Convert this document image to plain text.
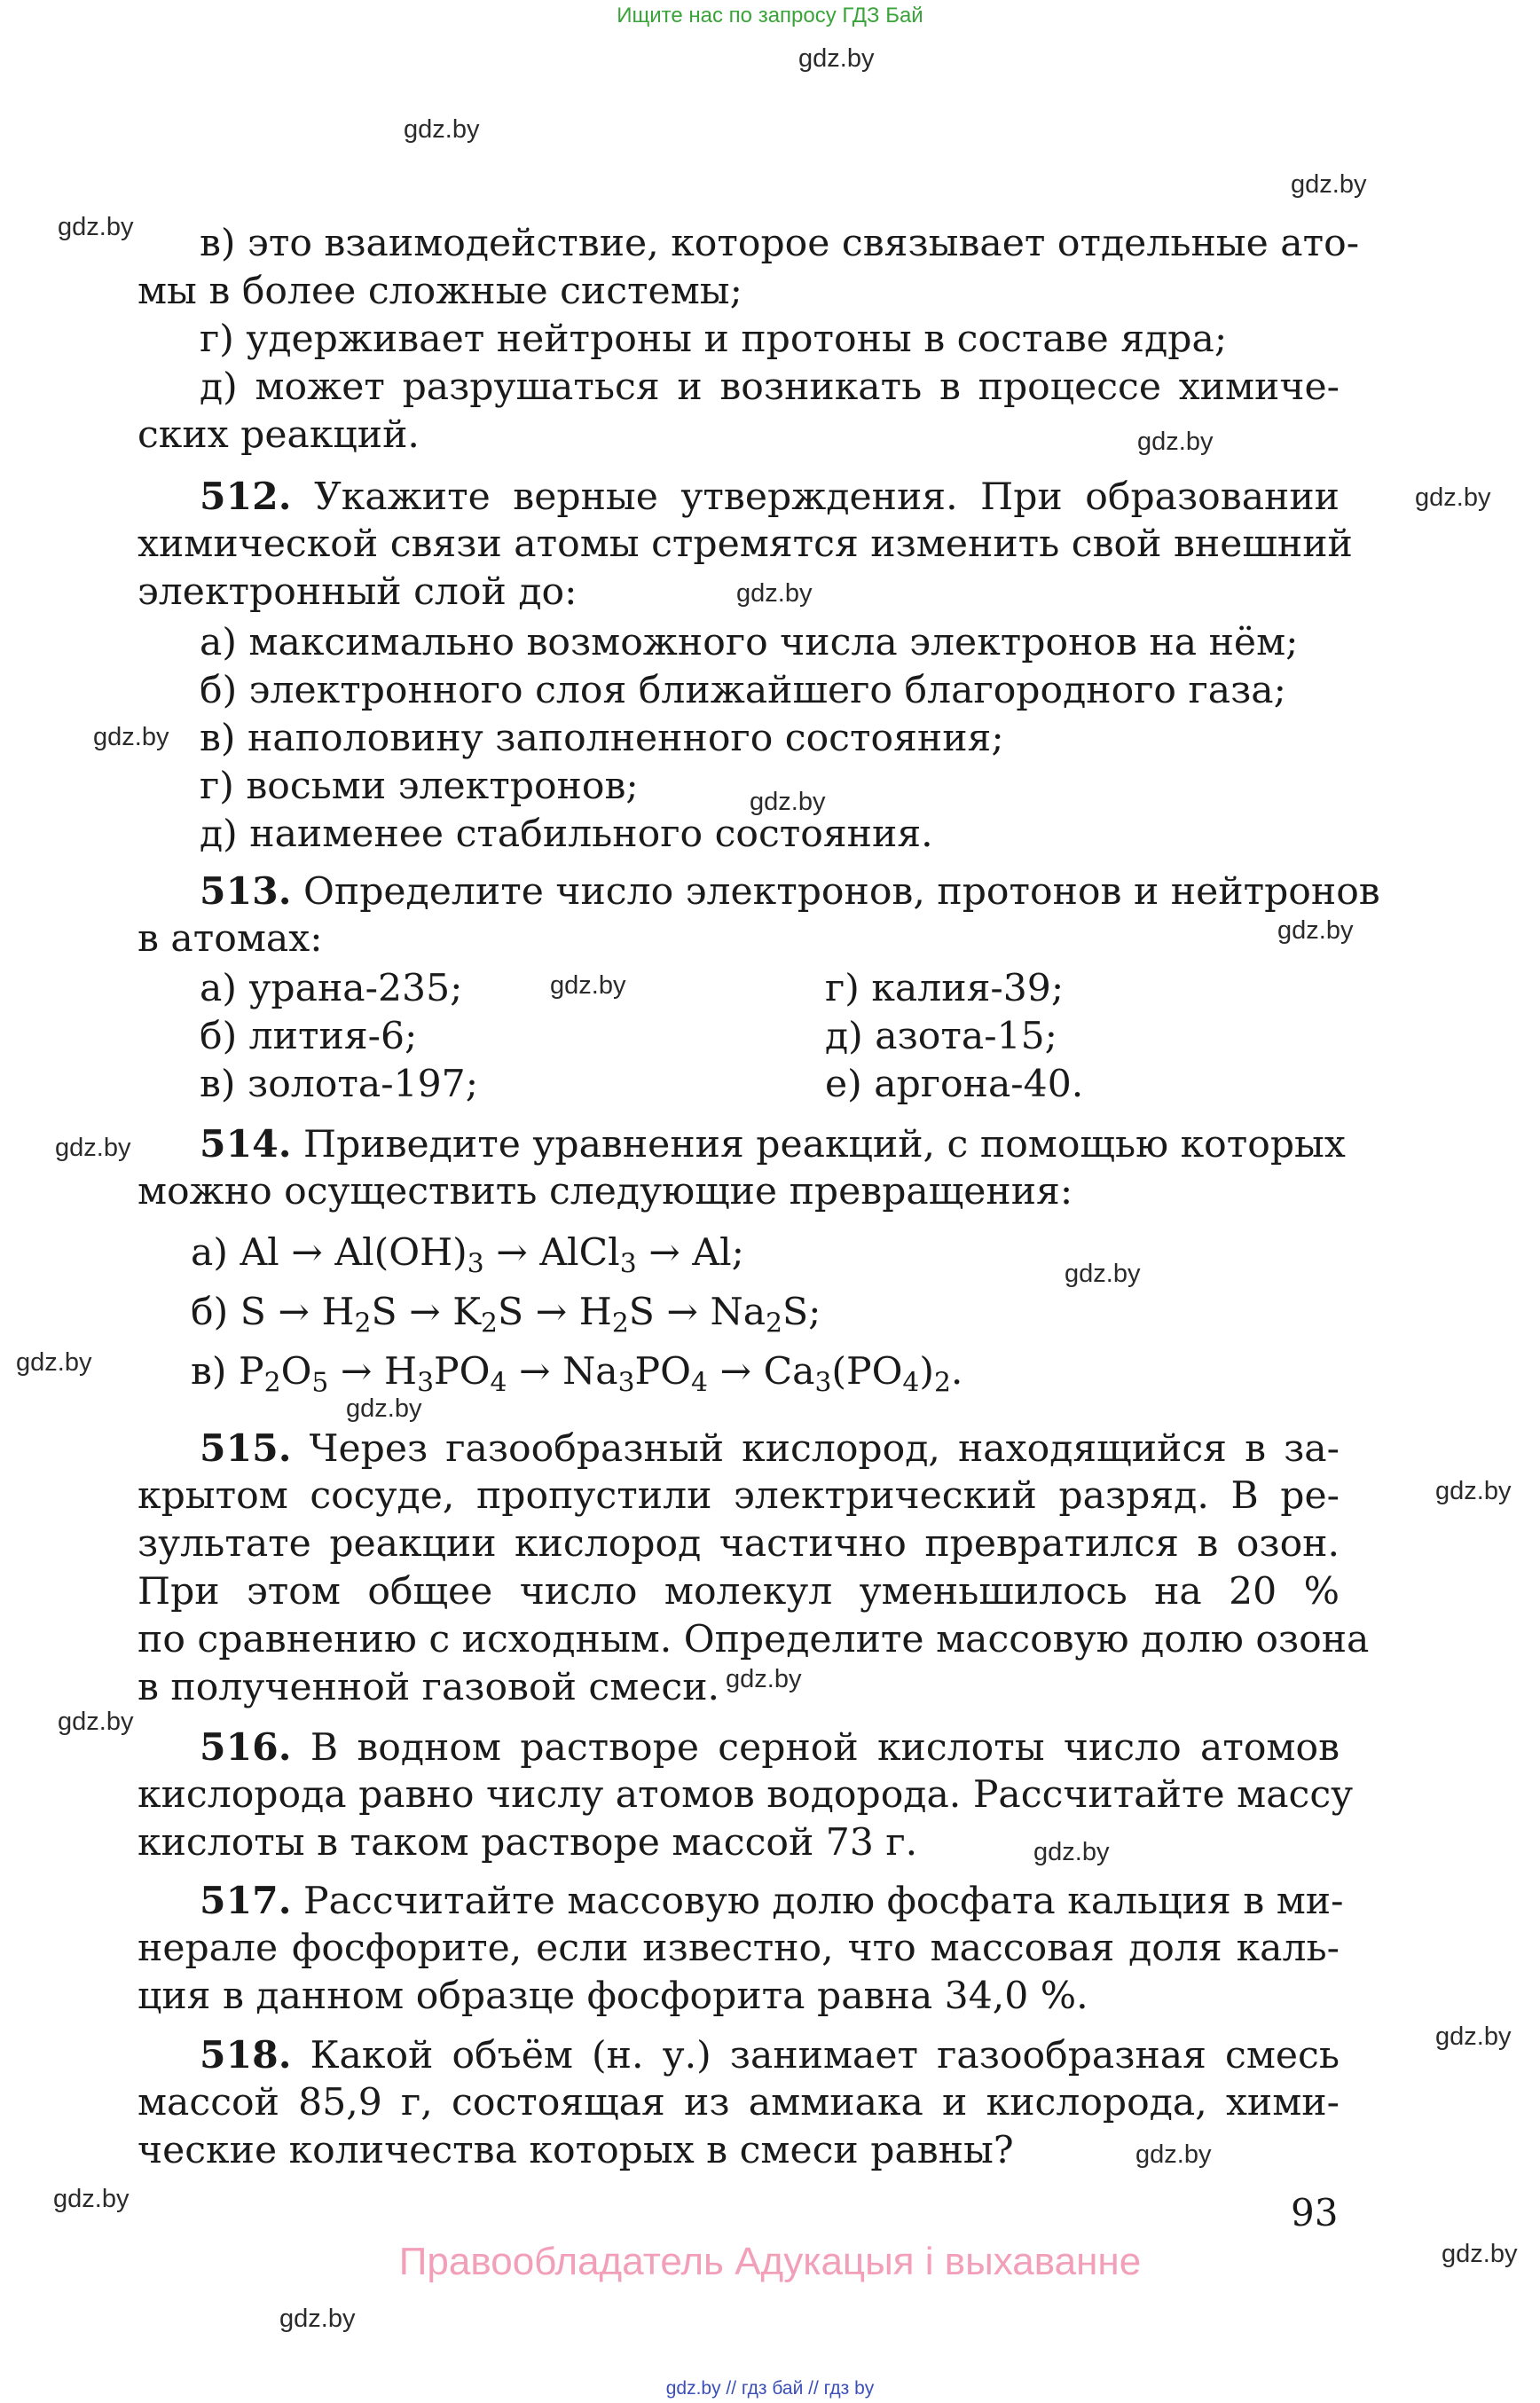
Ищите нас по запросу ГДЗ Бай
gdz.by
gdz.by
gdz.by
gdz.by
gdz.by
gdz.by
gdz.by
gdz.by
gdz.by
gdz.by
gdz.by
gdz.by
gdz.by
gdz.by
gdz.by
gdz.by
gdz.by
gdz.by
gdz.by
gdz.by
gdz.by
gdz.by
gdz.by
gdz.by
в) это взаимодействие, которое связывает отдельные ато-
мы в более сложные системы;
г) удерживает нейтроны и протоны в составе ядра;
д) может разрушаться и возникать в процессе химиче-
ских реакций.
512. Укажите верные утверждения. При образовании
химической связи атомы стремятся изменить свой внешний
электронный слой до:
а) максимально возможного числа электронов на нём;
б) электронного слоя ближайшего благородного газа;
в) наполовину заполненного состояния;
г) восьми электронов;
д) наименее стабильного состояния.
513. Определите число электронов, протонов и нейтронов
в атомах:
а) урана-235;
б) лития-6;
в) золота-197;
г) калия-39;
д) азота-15;
е) аргона-40.
514. Приведите уравнения реакций, с помощью которых
можно осуществить следующие превращения:
а) $Al \to Al(OH)_3$ → AlCl$_3$ → Al;
б) $S \to H_2S \to K_2S \to H_2S \to Na_2S$;
в) $P_2O_5 \to H_3PO_4 \to Na_3PO_4 \to Ca_3(PO_4)_2$.
515. Через газообразный кислород, находящийся в за-
крытом сосуде, пропустили электрический разряд. В ре-
зультате реакции кислород частично превратился в озон.
При этом общее число молекул уменьшилось на 20 %
по сравнению с исходным. Определите массовую долю озона
в полученной газовой смеси.
516. В водном растворе серной кислоты число атомов
кислорода равно числу атомов водорода. Рассчитайте массу
кислоты в таком растворе массой 73 г.
517. Рассчитайте массовую долю фосфата кальция в ми-
нерале фосфорите, если известно, что массовая доля каль-
ция в данном образце фосфорита равна 34,0 %.
518. Какой объём (н. у.) занимает газообразная смесь
массой 85,9 г, состоящая из аммиака и кислорода, хими-
ческие количества которых в смеси равны?
93
Правообладатель Адукацыя і выхаванне
gdz.by // гдз бай // гдз by
